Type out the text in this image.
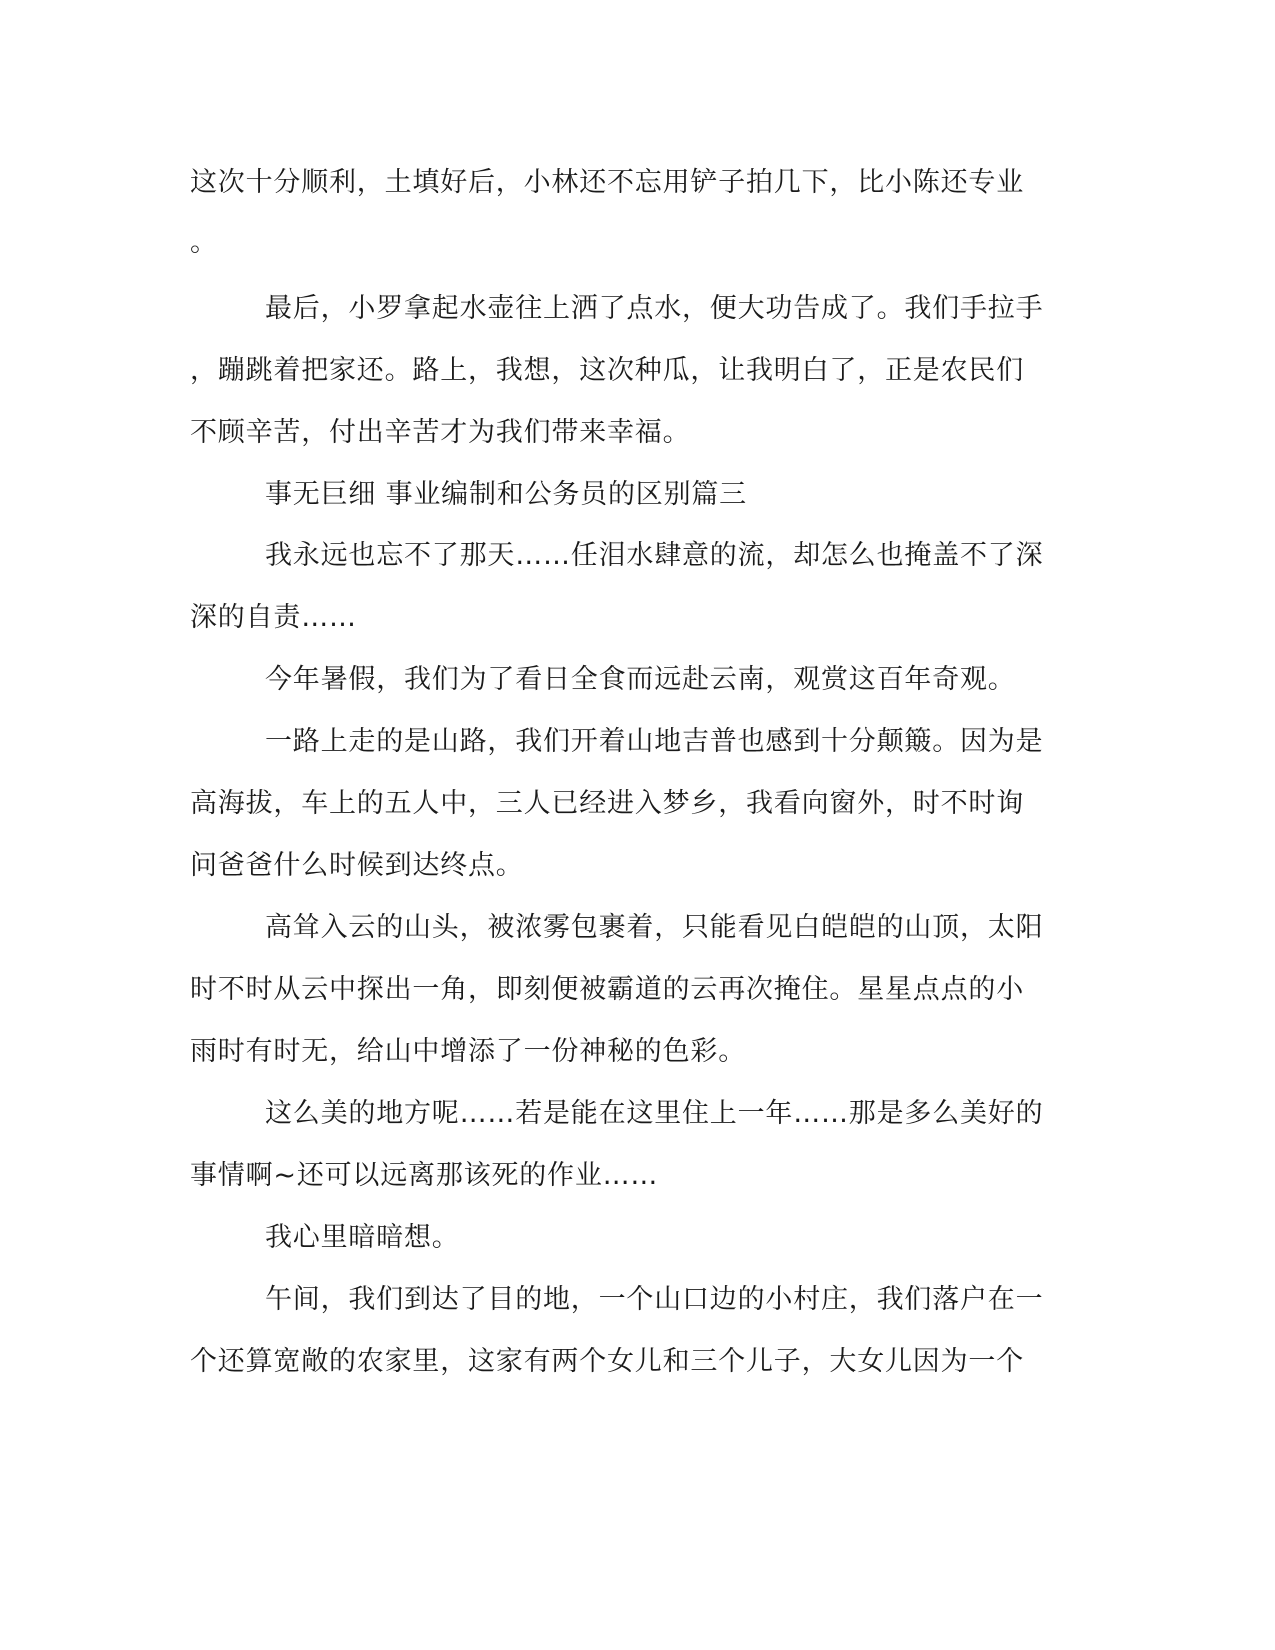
这次十分顺利，土填好后，小林还不忘用铲子拍几下，比小陈还专业
。
最后，小罗拿起水壶往上洒了点水，便大功告成了。我们手拉手
，蹦跳着把家还。路上，我想，这次种瓜，让我明白了，正是农民们
不顾辛苦，付出辛苦才为我们带来幸福。
事无巨细 事业编制和公务员的区别篇三
我永远也忘不了那天……任泪水肆意的流，却怎么也掩盖不了深
深的自责……
今年暑假，我们为了看日全食而远赴云南，观赏这百年奇观。
一路上走的是山路，我们开着山地吉普也感到十分颠簸。因为是
高海拔，车上的五人中，三人已经进入梦乡，我看向窗外，时不时询
问爸爸什么时候到达终点。
高耸入云的山头，被浓雾包裹着，只能看见白皑皑的山顶，太阳
时不时从云中探出一角，即刻便被霸道的云再次掩住。星星点点的小
雨时有时无，给山中增添了一份神秘的色彩。
这么美的地方呢……若是能在这里住上一年……那是多么美好的
事情啊~还可以远离那该死的作业……
我心里暗暗想。
午间，我们到达了目的地，一个山口边的小村庄，我们落户在一
个还算宽敞的农家里，这家有两个女儿和三个儿子，大女儿因为一个
